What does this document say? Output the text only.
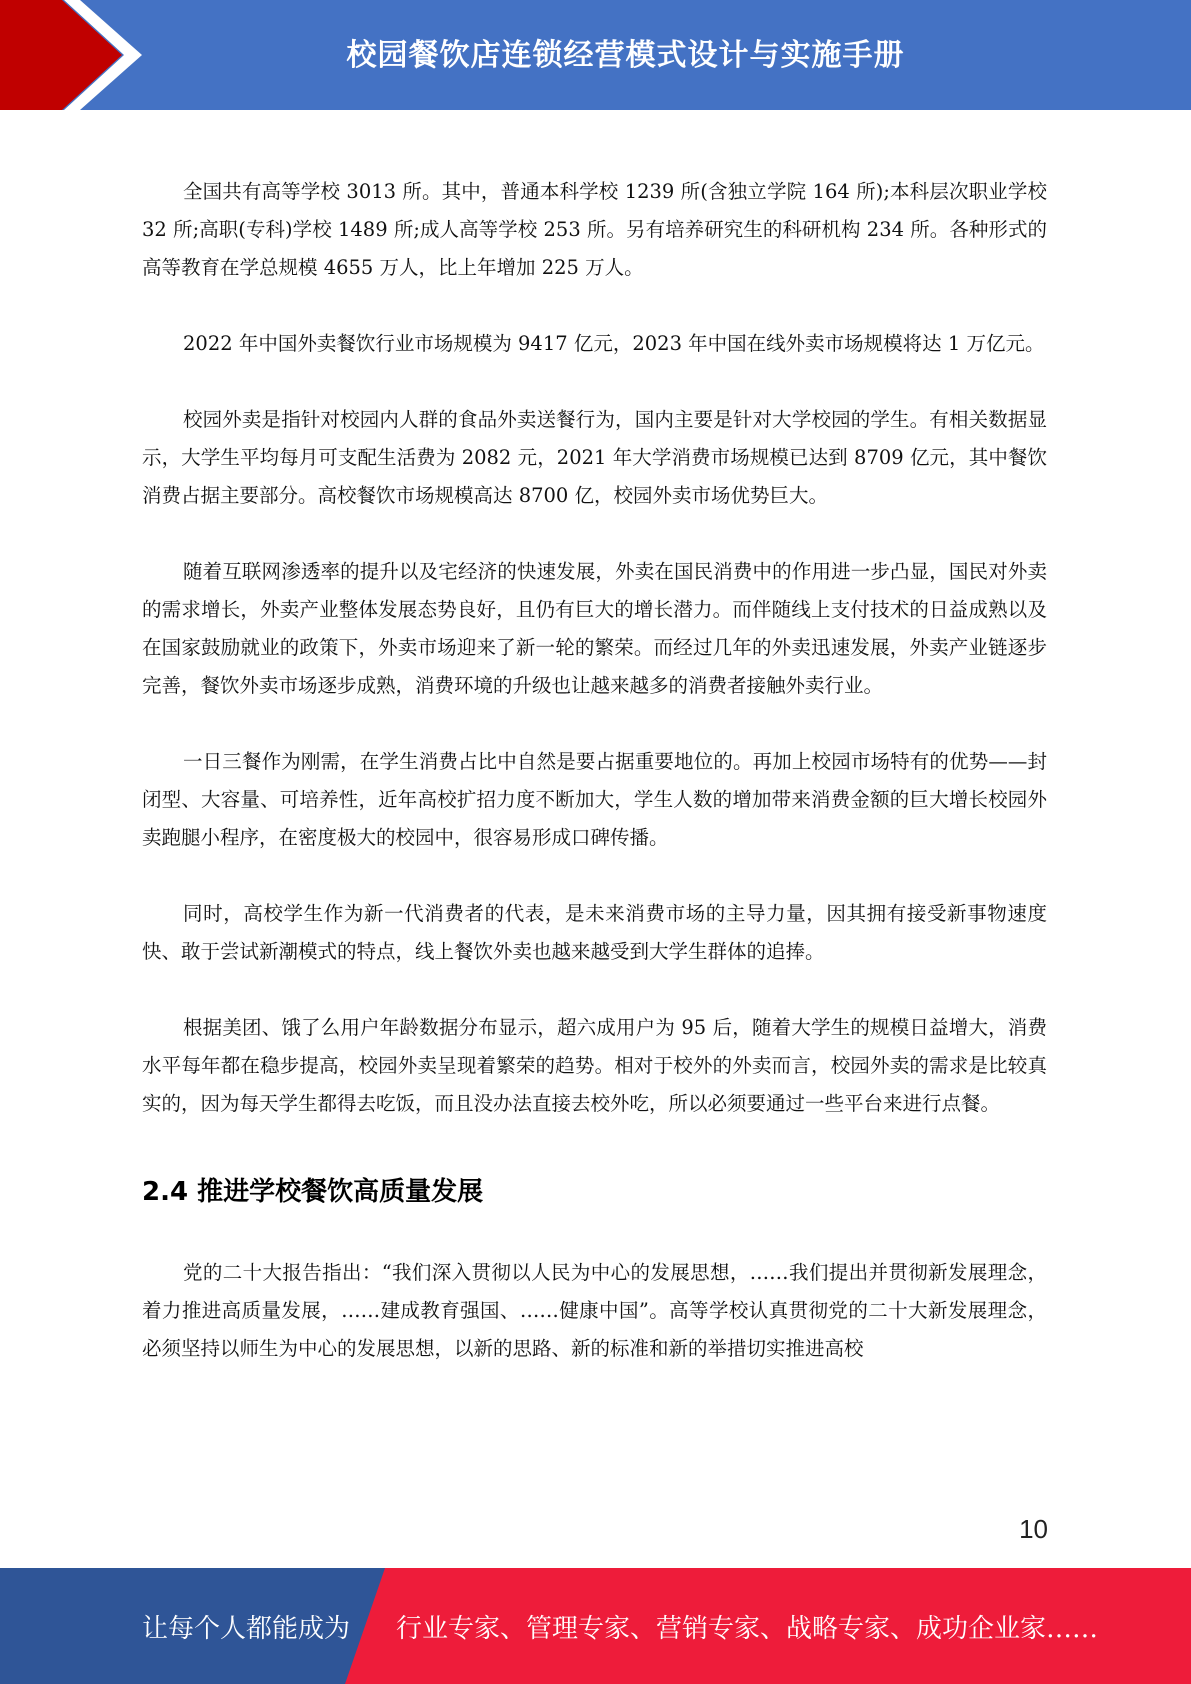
校园餐饮店连锁经营模式设计与实施手册

全国共有高等学校 3013 所。其中，普通本科学校 1239 所(含独立学院 164 所);本科层次职业学校 32 所;高职(专科)学校 1489 所;成人高等学校 253 所。另有培养研究生的科研机构 234 所。各种形式的高等教育在学总规模 4655 万人，比上年增加 225 万人。

2022 年中国外卖餐饮行业市场规模为 9417 亿元，2023 年中国在线外卖市场规模将达 1 万亿元。

校园外卖是指针对校园内人群的食品外卖送餐行为，国内主要是针对大学校园的学生。有相关数据显示，大学生平均每月可支配生活费为 2082 元，2021 年大学消费市场规模已达到 8709 亿元，其中餐饮消费占据主要部分。高校餐饮市场规模高达 8700 亿，校园外卖市场优势巨大。

随着互联网渗透率的提升以及宅经济的快速发展，外卖在国民消费中的作用进一步凸显，国民对外卖的需求增长，外卖产业整体发展态势良好，且仍有巨大的增长潜力。而伴随线上支付技术的日益成熟以及在国家鼓励就业的政策下，外卖市场迎来了新一轮的繁荣。而经过几年的外卖迅速发展，外卖产业链逐步完善，餐饮外卖市场逐步成熟，消费环境的升级也让越来越多的消费者接触外卖行业。

一日三餐作为刚需，在学生消费占比中自然是要占据重要地位的。再加上校园市场特有的优势——封闭型、大容量、可培养性，近年高校扩招力度不断加大，学生人数的增加带来消费金额的巨大增长校园外卖跑腿小程序，在密度极大的校园中，很容易形成口碑传播。

同时，高校学生作为新一代消费者的代表，是未来消费市场的主导力量，因其拥有接受新事物速度快、敢于尝试新潮模式的特点，线上餐饮外卖也越来越受到大学生群体的追捧。

根据美团、饿了么用户年龄数据分布显示，超六成用户为 95 后，随着大学生的规模日益增大，消费水平每年都在稳步提高，校园外卖呈现着繁荣的趋势。相对于校外的外卖而言，校园外卖的需求是比较真实的，因为每天学生都得去吃饭，而且没办法直接去校外吃，所以必须要通过一些平台来进行点餐。

2.4 推进学校餐饮高质量发展

党的二十大报告指出：“我们深入贯彻以人民为中心的发展思想，……我们提出并贯彻新发展理念，着力推进高质量发展，……建成教育强国、……健康中国”。高等学校认真贯彻党的二十大新发展理念，必须坚持以师生为中心的发展思想，以新的思路、新的标准和新的举措切实推进高校

10
让每个人都能成为 行业专家、管理专家、营销专家、战略专家、成功企业家……
